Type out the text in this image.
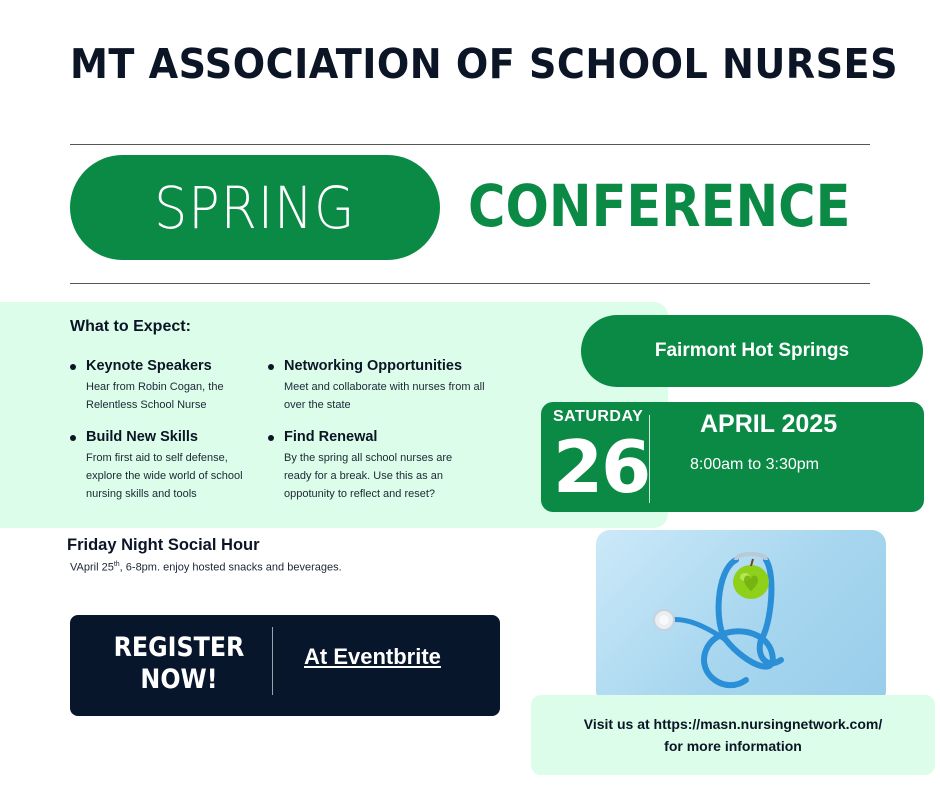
MT ASSOCIATION OF SCHOOL NURSES
SPRING CONFERENCE
What to Expect:
Keynote Speakers
Hear from Robin Cogan, the Relentless School Nurse
Networking Opportunities
Meet and collaborate with nurses from all over the state
Build New Skills
From first aid to self defense, explore the wide world of school nursing skills and tools
Find Renewal
By the spring all school nurses are ready for a break. Use this as an oppotunity to reflect and reset?
Friday Night Social Hour
VApril 25th, 6-8pm. enjoy hosted snacks and beverages.
REGISTER
NOW!
At Eventbrite
Fairmont Hot Springs
SATURDAY
26
APRIL 2025
8:00am to 3:30pm
Visit us at https://masn.nursingnetwork.com/
for more information
